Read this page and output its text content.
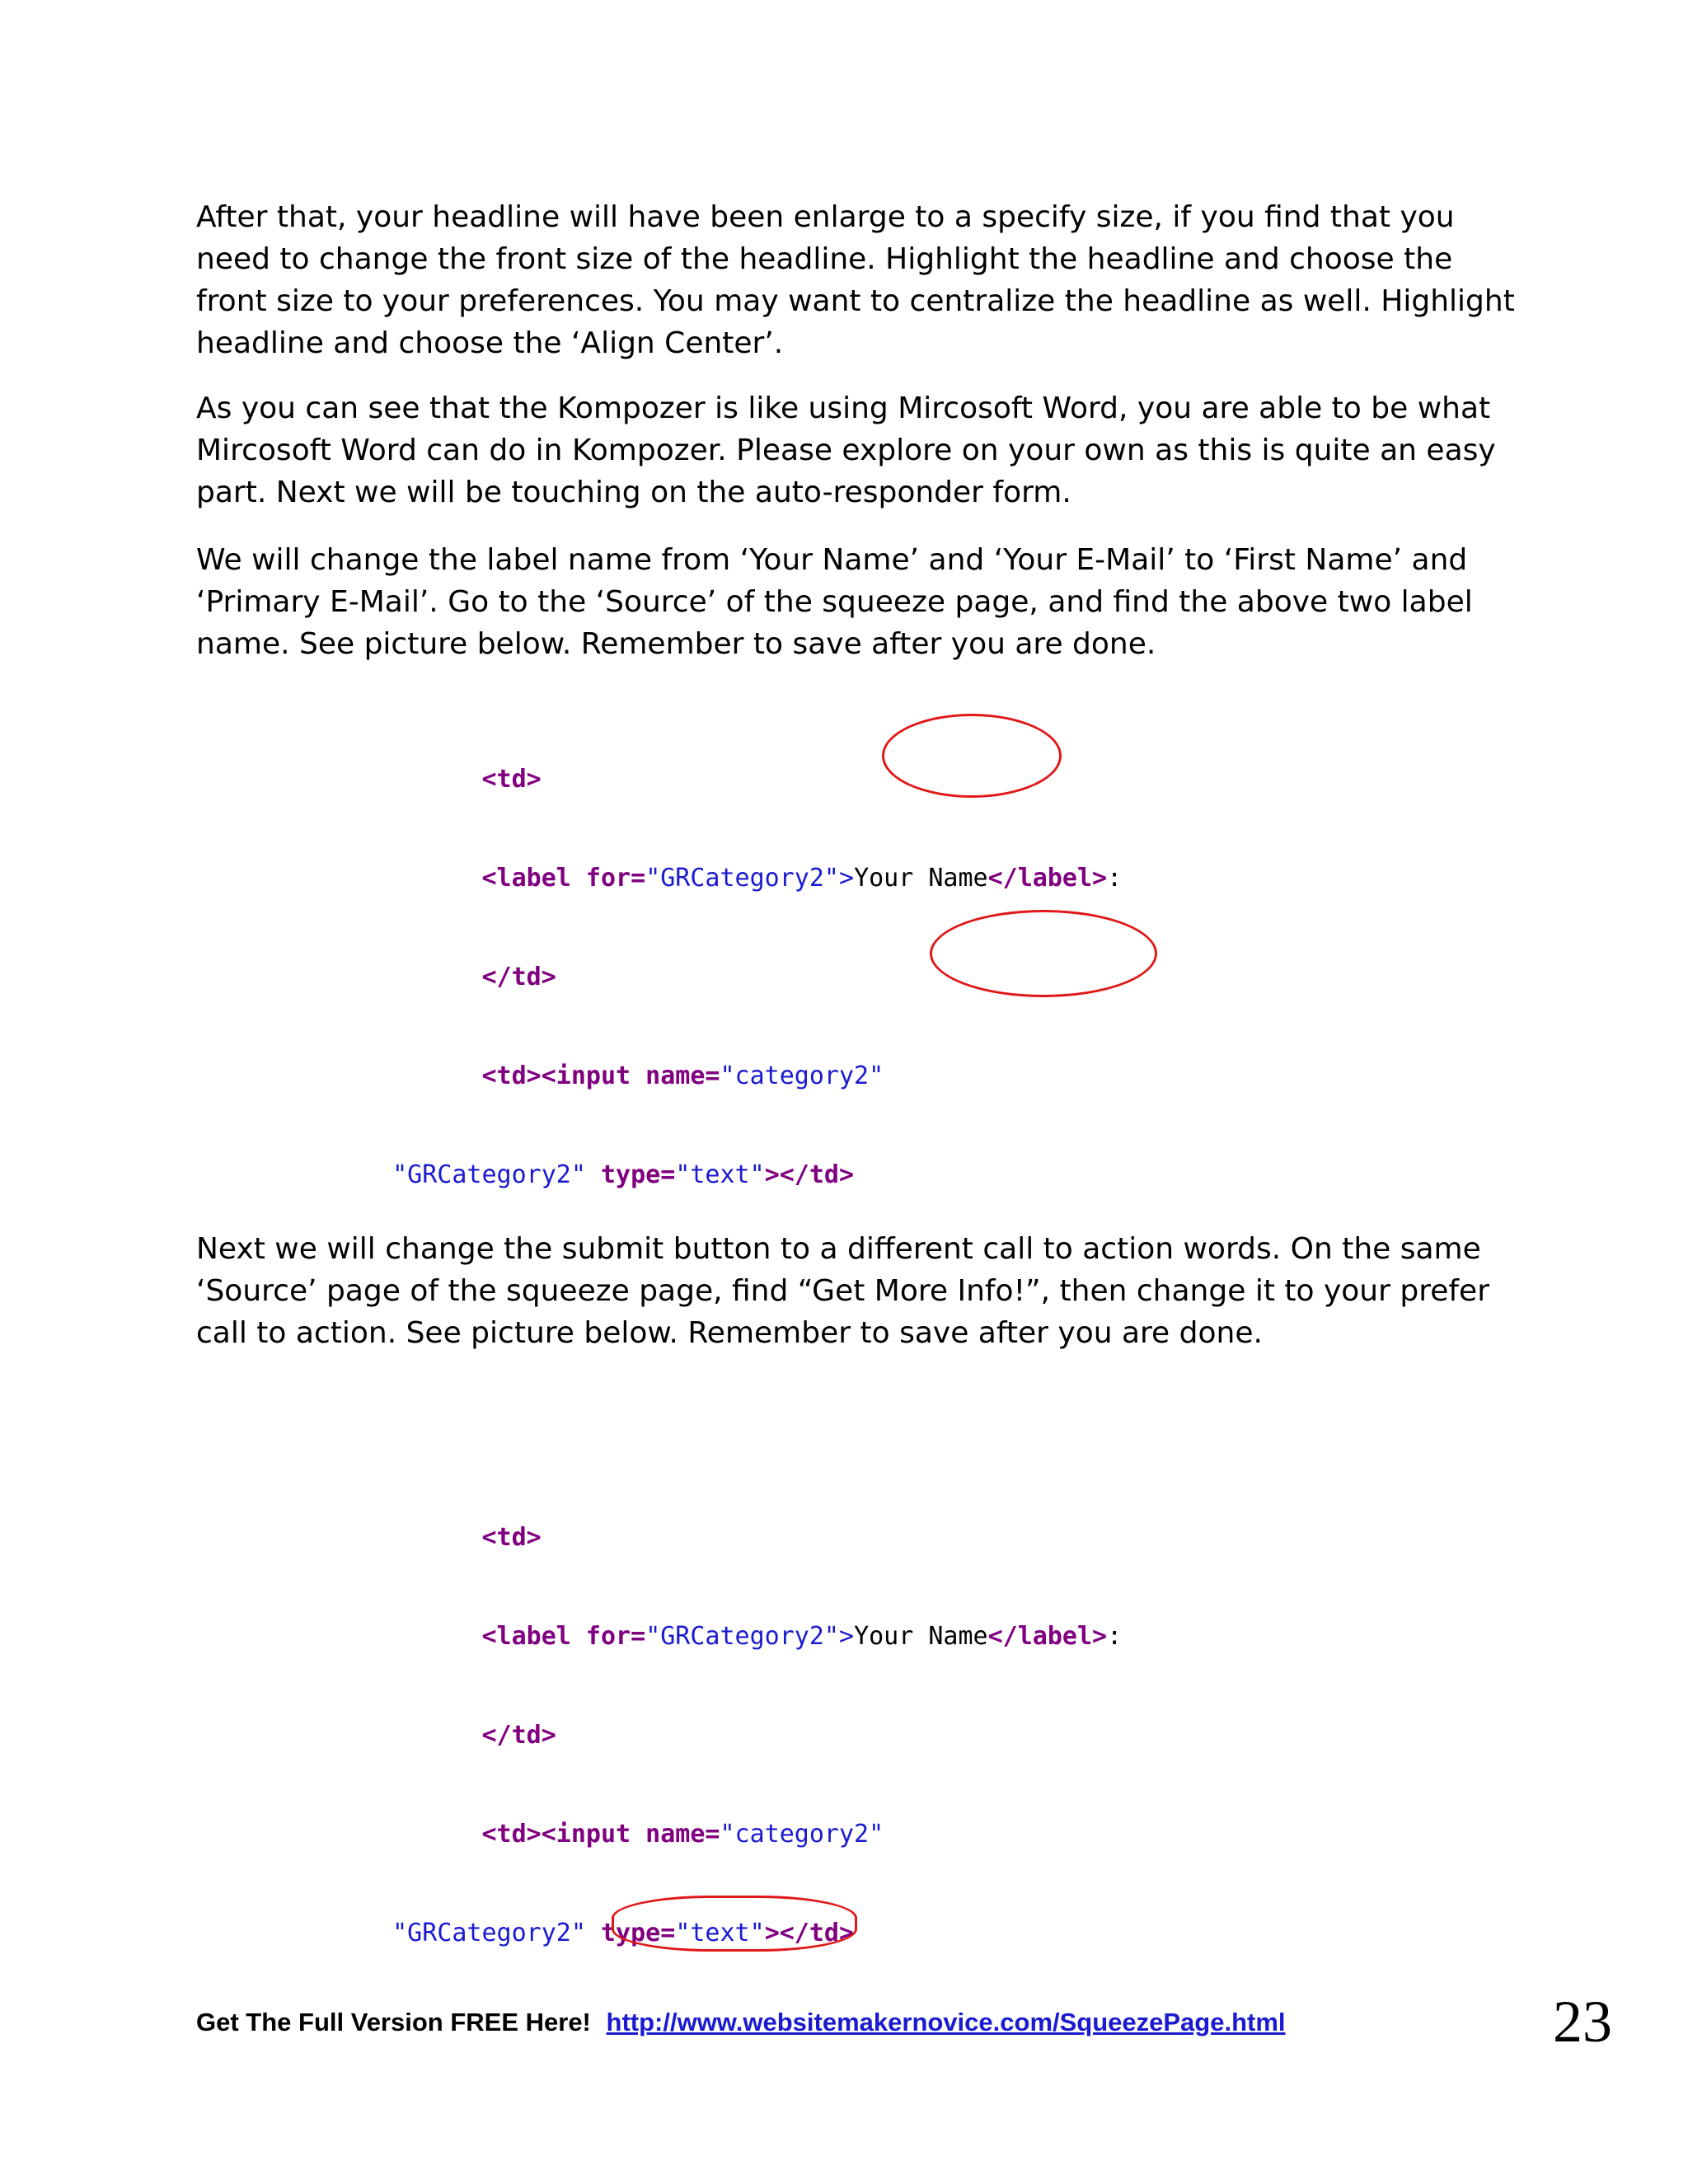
After that, your headline will have been enlarge to a specify size, if you find that you need to change the front size of the headline. Highlight the headline and choose the front size to your preferences. You may want to centralize the headline as well. Highlight headline and choose the ‘Align Center’.

As you can see that the Kompozer is like using Mircosoft Word, you are able to be what Mircosoft Word can do in Kompozer. Please explore on your own as this is quite an easy part. Next we will be touching on the auto-responder form.

We will change the label name from ‘Your Name’ and ‘Your E-Mail’ to ‘First Name’ and ‘Primary E-Mail’. Go to the ‘Source’ of the squeeze page, and find the above two label name. See picture below. Remember to save after you are done.

<td>

<label for="GRCategory2">Your Name</label>:

</td>

<td><input name="category2"

"GRCategory2" type="text"></td>

Next we will change the submit button to a different call to action words. On the same ‘Source’ page of the squeeze page, find “Get More Info!”, then change it to your prefer call to action. See picture below. Remember to save after you are done.

<td>

<label for="GRCategory2">Your Name</label>:

</td>

<td><input name="category2"

"GRCategory2" type="text"></td>

Get The Full Version FREE Here! http://www.websitemakernovice.com/SqueezePage.html	23
